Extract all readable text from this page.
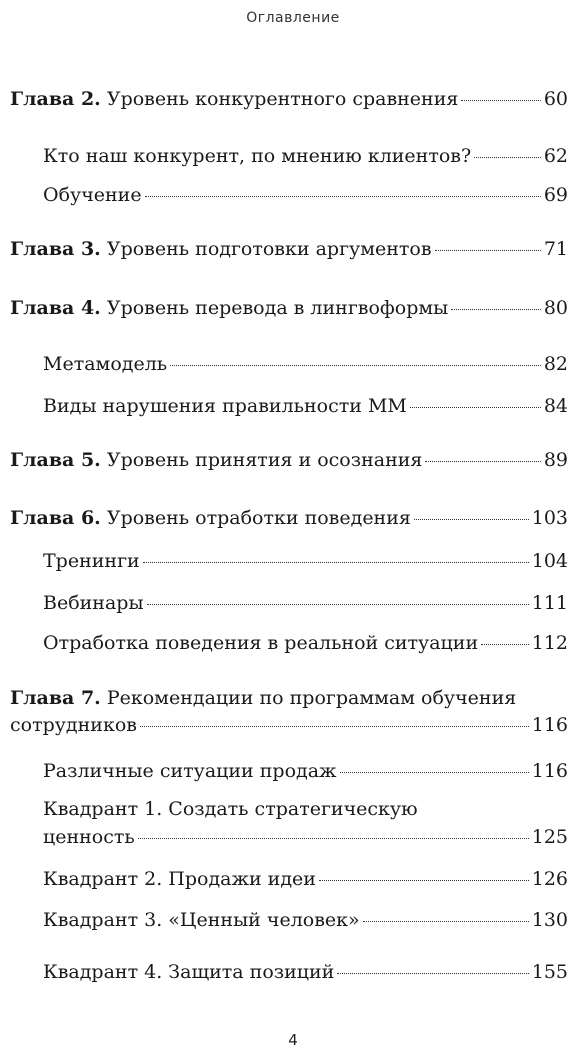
Оглавление
Глава 2. Уровень конкурентного сравнения	60
Кто наш конкурент, по мнению клиентов?	62
Обучение	69
Глава 3. Уровень подготовки аргументов	71
Глава 4. Уровень перевода в лингвоформы	80
Метамодель	82
Виды нарушения правильности ММ	84
Глава 5. Уровень принятия и осознания	89
Глава 6. Уровень отработки поведения	103
Тренинги	104
Вебинары	111
Отработка поведения в реальной ситуации	112
Глава 7. Рекомендации по программам обучения
сотрудников	116
Различные ситуации продаж	116
Квадрант 1. Создать стратегическую
ценность	125
Квадрант 2. Продажи идеи	126
Квадрант 3. «Ценный человек»	130
Квадрант 4. Защита позиций	155
4
